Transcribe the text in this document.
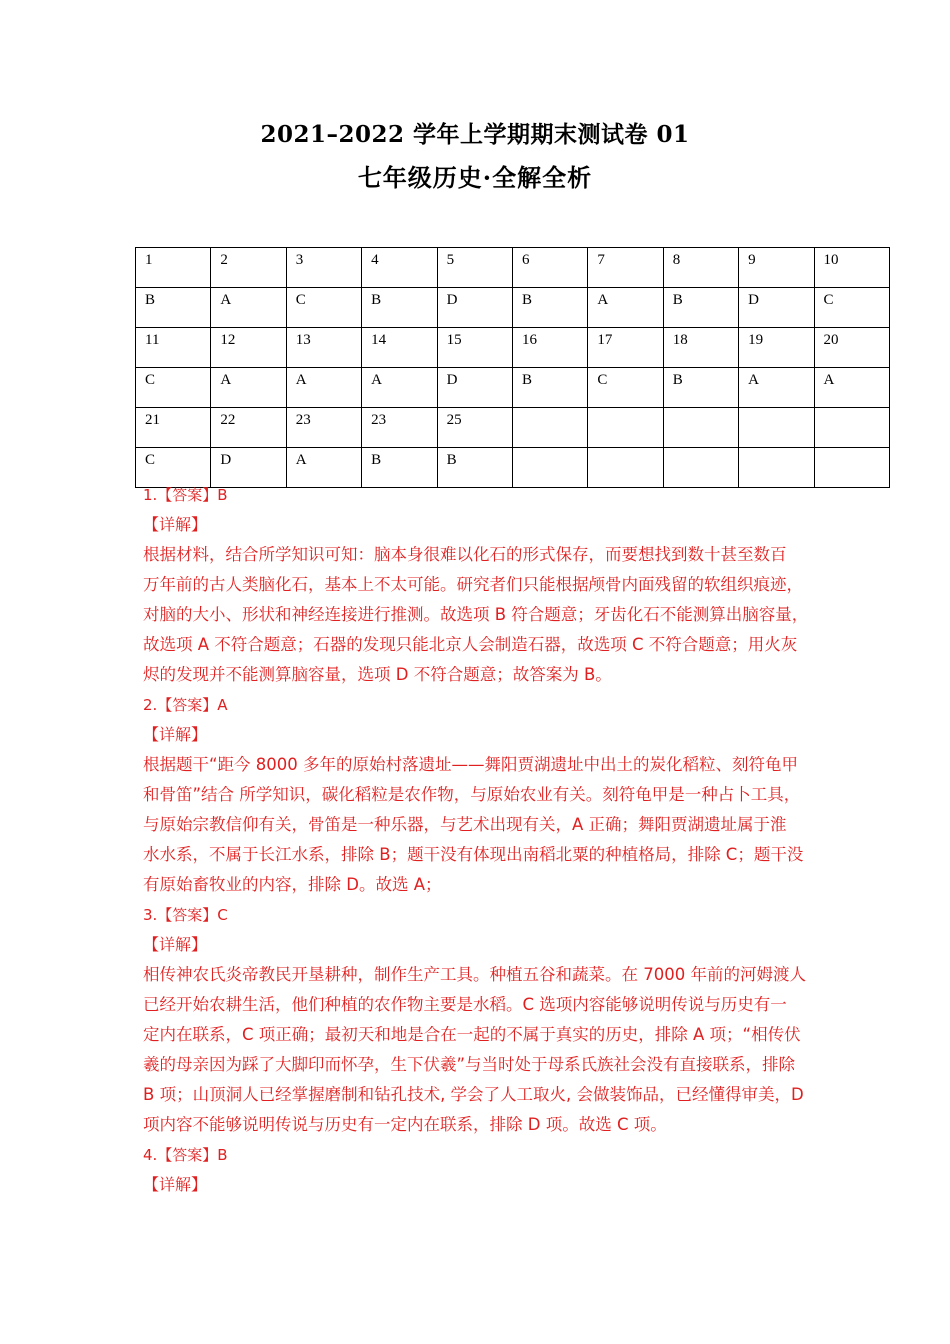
2021–2022 学年上学期期末测试卷 01
七年级历史·全解全析
1	2	3	4	5	6	7	8	9	10
B	A	C	B	D	B	A	B	D	C
11	12	13	14	15	16	17	18	19	20
C	A	A	A	D	B	C	B	A	A
21	22	23	23	25					
C	D	A	B	B					
1.【答案】B
【详解】
根据材料，结合所学知识可知：脑本身很难以化石的形式保存，而要想找到数十甚至数百
万年前的古人类脑化石，基本上不太可能。研究者们只能根据颅骨内面残留的软组织痕迹，
对脑的大小、形状和神经连接进行推测。故选项 B 符合题意；牙齿化石不能测算出脑容量，
故选项 A 不符合题意；石器的发现只能北京人会制造石器，故选项 C 不符合题意；用火灰
烬的发现并不能测算脑容量，选项 D 不符合题意；故答案为 B。
2.【答案】A
【详解】
根据题干“距今 8000 多年的原始村落遗址——舞阳贾湖遗址中出土的炭化稻粒、刻符龟甲
和骨笛”结合 所学知识，碳化稻粒是农作物，与原始农业有关。刻符龟甲是一种占卜工具，
与原始宗教信仰有关，骨笛是一种乐器，与艺术出现有关，A 正确；舞阳贾湖遗址属于淮
水水系，不属于长江水系，排除 B；题干没有体现出南稻北粟的种植格局，排除 C；题干没
有原始畜牧业的内容，排除 D。故选 A；
3.【答案】C
【详解】
相传神农氏炎帝教民开垦耕种，制作生产工具。种植五谷和蔬菜。在 7000 年前的河姆渡人
已经开始农耕生活，他们种植的农作物主要是水稻。C 选项内容能够说明传说与历史有一
定内在联系，C 项正确；最初天和地是合在一起的不属于真实的历史，排除 A 项；“相传伏
羲的母亲因为踩了大脚印而怀孕，生下伏羲”与当时处于母系氏族社会没有直接联系，排除
B 项；山顶洞人已经掌握磨制和钻孔技术, 学会了人工取火, 会做装饰品，已经懂得审美，D
项内容不能够说明传说与历史有一定内在联系，排除 D 项。故选 C 项。
4.【答案】B
【详解】
